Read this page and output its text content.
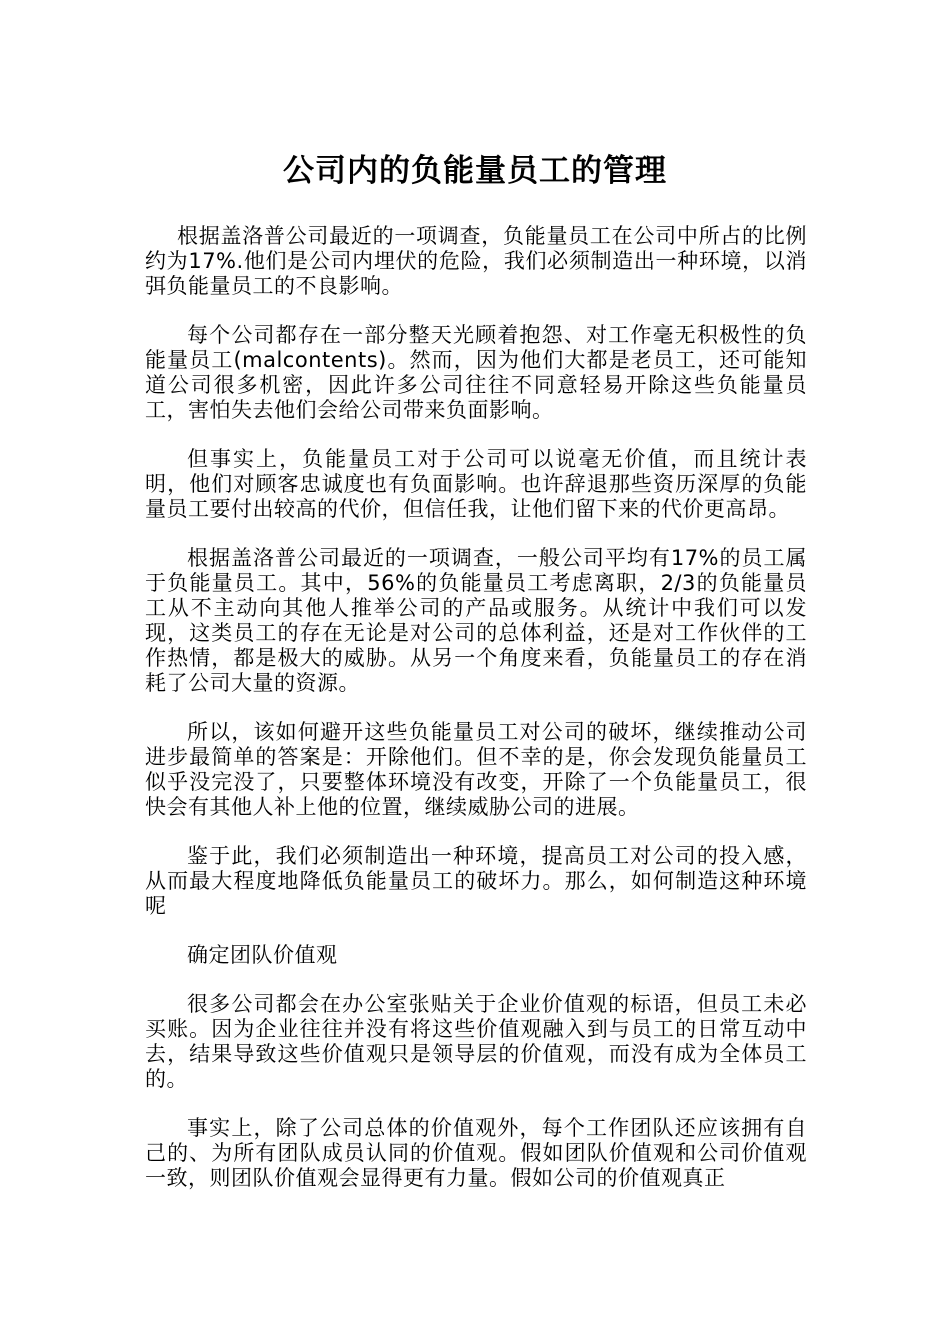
公司内的负能量员工的管理

根据盖洛普公司最近的一项调查，负能量员工在公司中所占的比例约为17%.他们是公司内埋伏的危险，我们必须制造出一种环境，以消弭负能量员工的不良影响。

每个公司都存在一部分整天光顾着抱怨、对工作毫无积极性的负能量员工(malcontents)。然而，因为他们大都是老员工，还可能知道公司很多机密，因此许多公司往往不同意轻易开除这些负能量员工，害怕失去他们会给公司带来负面影响。

但事实上，负能量员工对于公司可以说毫无价值，而且统计表明，他们对顾客忠诚度也有负面影响。也许辞退那些资历深厚的负能量员工要付出较高的代价，但信任我，让他们留下来的代价更高昂。

根据盖洛普公司最近的一项调查，一般公司平均有17%的员工属于负能量员工。其中，56%的负能量员工考虑离职，2/3的负能量员工从不主动向其他人推举公司的产品或服务。从统计中我们可以发现，这类员工的存在无论是对公司的总体利益，还是对工作伙伴的工作热情，都是极大的威胁。从另一个角度来看，负能量员工的存在消耗了公司大量的资源。

所以，该如何避开这些负能量员工对公司的破坏，继续推动公司进步最简单的答案是：开除他们。但不幸的是，你会发现负能量员工似乎没完没了，只要整体环境没有改变，开除了一个负能量员工，很快会有其他人补上他的位置，继续威胁公司的进展。

鉴于此，我们必须制造出一种环境，提高员工对公司的投入感，从而最大程度地降低负能量员工的破坏力。那么，如何制造这种环境呢

确定团队价值观

很多公司都会在办公室张贴关于企业价值观的标语，但员工未必买账。因为企业往往并没有将这些价值观融入到与员工的日常互动中去，结果导致这些价值观只是领导层的价值观，而没有成为全体员工的。

事实上，除了公司总体的价值观外，每个工作团队还应该拥有自己的、为所有团队成员认同的价值观。假如团队价值观和公司价值观一致，则团队价值观会显得更有力量。假如公司的价值观真正
